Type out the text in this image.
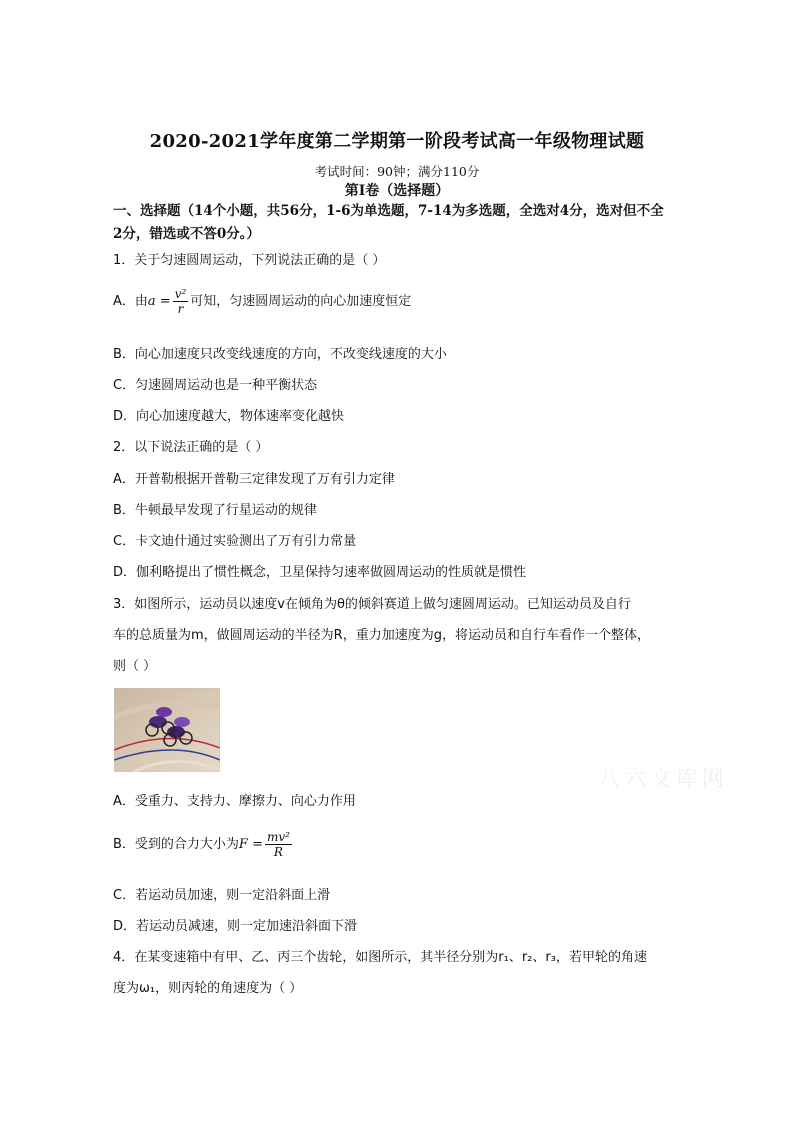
2020-2021学年度第二学期第一阶段考试高一年级物理试题
考试时间：90钟；满分110分
第I卷（选择题）
一、选择题（14个小题，共56分，1-6为单选题，7-14为多选题，全选对4分，选对但不全
2分，错选或不答0分。）
1．关于匀速圆周运动，下列说法正确的是（ ）
A．由$a = \frac{\text{v²}}{r}$ 可知，匀速圆周运动的向心加速度恒定
B．向心加速度只改变线速度的方向，不改变线速度的大小
C．匀速圆周运动也是一种平衡状态
D．向心加速度越大，物体速率变化越快
2．以下说法正确的是（ ）
A．开普勒根据开普勒三定律发现了万有引力定律
B．牛顿最早发现了行星运动的规律
C．卡文迪什通过实验测出了万有引力常量
D．伽利略提出了惯性概念，卫星保持匀速率做圆周运动的性质就是惯性
3．如图所示，运动员以速度v在倾角为θ的倾斜赛道上做匀速圆周运动。已知运动员及自行
车的总质量为m，做圆周运动的半径为R，重力加速度为g，将运动员和自行车看作一个整体，
则（ ）
八六文库网
A．受重力、支持力、摩擦力、向心力作用
B．受到的合力大小为$F = \frac{\text{mv²}}{R}$
C．若运动员加速，则一定沿斜面上滑
D．若运动员减速，则一定加速沿斜面下滑
4．在某变速箱中有甲、乙、丙三个齿轮，如图所示，其半径分别为r₁、r₂、r₃，若甲轮的角速
度为ω₁，则丙轮的角速度为（ ）
